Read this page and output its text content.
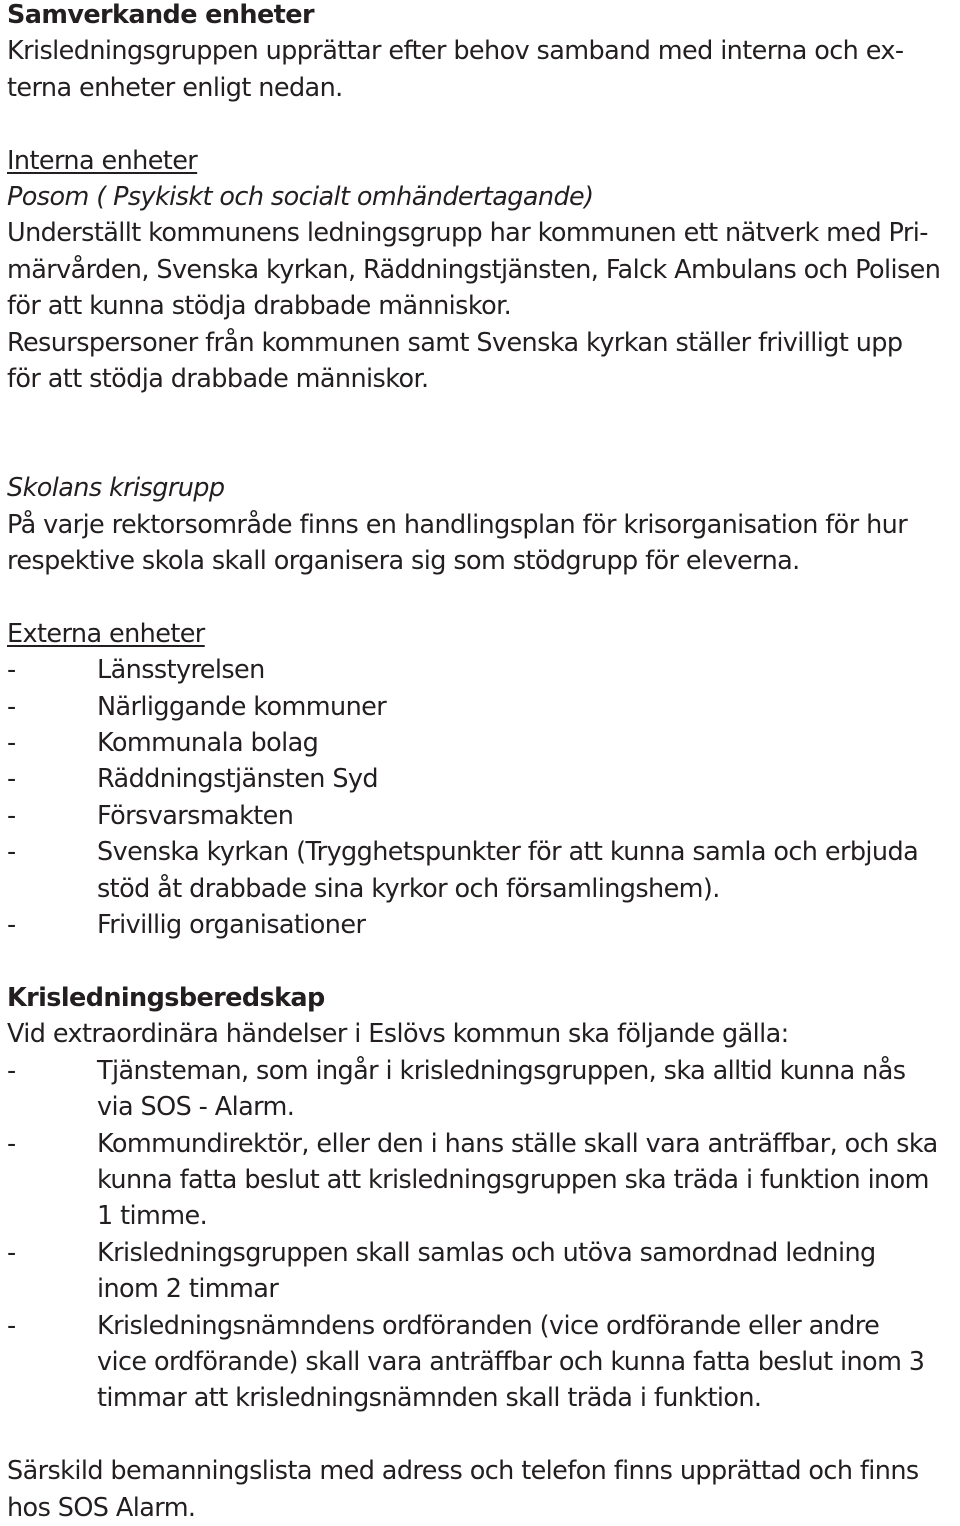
Samverkande enheter
Krisledningsgruppen upprättar efter behov samband med interna och ex-
terna enheter enligt nedan.
Interna enheter
Posom ( Psykiskt och socialt omhändertagande)
Underställt kommunens ledningsgrupp har kommunen ett nätverk med Pri-
märvården, Svenska kyrkan, Räddningstjänsten, Falck Ambulans och Polisen
för att kunna stödja drabbade människor.
Resurspersoner från kommunen samt Svenska kyrkan ställer frivilligt upp
för att stödja drabbade människor.
Skolans krisgrupp
På varje rektorsområde finns en handlingsplan för krisorganisation för hur
respektive skola skall organisera sig som stödgrupp för eleverna.
Externa enheter
-	Länsstyrelsen
-	Närliggande kommuner
-	Kommunala bolag
-	Räddningstjänsten Syd
-	Försvarsmakten
-	Svenska kyrkan (Trygghetspunkter för att kunna samla och erbjuda
stöd åt drabbade sina kyrkor och församlingshem).
-	Frivillig organisationer
Krisledningsberedskap
Vid extraordinära händelser i Eslövs kommun ska följande gälla:
-	Tjänsteman, som ingår i krisledningsgruppen, ska alltid kunna nås
via SOS - Alarm.
-	Kommundirektör, eller den i hans ställe skall vara anträffbar, och ska
kunna fatta beslut att krisledningsgruppen ska träda i funktion inom
1 timme.
-	Krisledningsgruppen skall samlas och utöva samordnad ledning
inom 2 timmar
-	Krisledningsnämndens ordföranden (vice ordförande eller andre
vice ordförande) skall vara anträffbar och kunna fatta beslut inom 3
timmar att krisledningsnämnden skall träda i funktion.
Särskild bemanningslista med adress och telefon finns upprättad och finns
hos SOS Alarm.
